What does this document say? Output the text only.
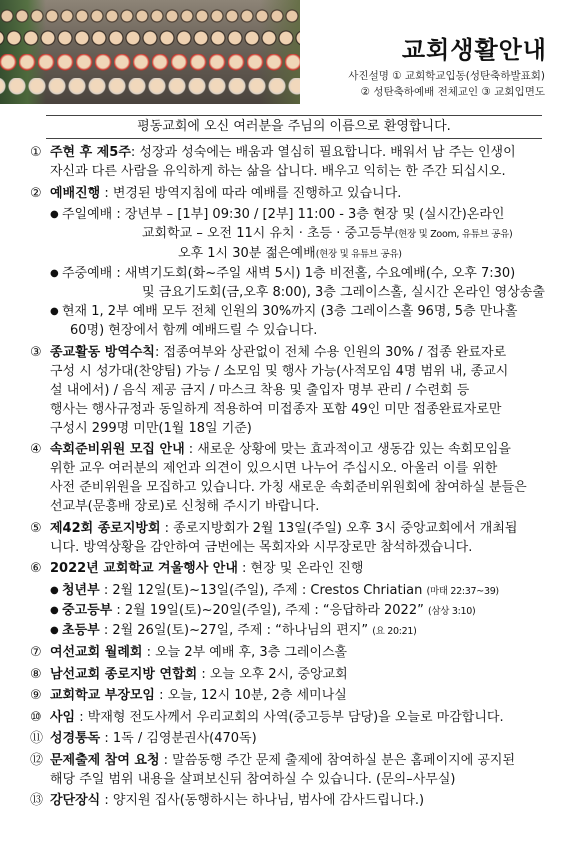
교회생활안내
사진설명 ① 교회학교입동(성탄축하발표회)
② 성탄축하예배 전체교인 ③ 교회입면도
평동교회에 오신 여러분을 주님의 이름으로 환영합니다.
① 주현 후 제5주: 성장과 성숙에는 배움과 열심히 필요합니다. 배워서 남 주는 인생이
자신과 다른 사람을 유익하게 하는 삶을 삽니다. 배우고 익히는 한 주간 되십시오.
② 예배진행 : 변경된 방역지침에 따라 예배를 진행하고 있습니다.
● 주일예배 : 장년부 – [1부] 09:30 / [2부] 11:00 - 3층 현장 및 (실시간)온라인
교회학교 – 오전 11시 유치 · 초등 · 중고등부(현장 및 Zoom, 유튜브 공유)
오후 1시 30분 젊은예배(현장 및 유튜브 공유)
● 주중예배 : 새벽기도회(화~주일 새벽 5시) 1층 비전홀, 수요예배(수, 오후 7:30)
및 금요기도회(금,오후 8:00), 3층 그레이스홀, 실시간 온라인 영상송출
● 현재 1, 2부 예배 모두 전체 인원의 30%까지 (3층 그레이스홀 96명, 5층 만나홀
60명) 현장에서 함께 예배드릴 수 있습니다.
③ 종교활동 방역수칙: 접종여부와 상관없이 전체 수용 인원의 30% / 접종 완료자로
구성 시 성가대(찬양팀) 가능 / 소모임 및 행사 가능(사적모임 4명 범위 내, 종교시
설 내에서) / 음식 제공 금지 / 마스크 착용 및 출입자 명부 관리 / 수련회 등
행사는 행사규정과 동일하게 적용하여 미접종자 포함 49인 미만 접종완료자로만
구성시 299명 미만(1월 18일 기준)
④ 속회준비위원 모집 안내 : 새로운 상황에 맞는 효과적이고 생동감 있는 속회모임을
위한 교우 여러분의 제언과 의견이 있으시면 나누어 주십시오. 아울러 이를 위한
사전 준비위원을 모집하고 있습니다. 가칭 새로운 속회준비위원회에 참여하실 분들은
선교부(문흥배 장로)로 신청해 주시기 바랍니다.
⑤ 제42회 종로지방회 : 종로지방회가 2월 13일(주일) 오후 3시 중앙교회에서 개최됩
니다. 방역상황을 감안하여 금번에는 목회자와 시무장로만 참석하겠습니다.
⑥ 2022년 교회학교 겨울행사 안내 : 현장 및 온라인 진행
● 청년부 : 2월 12일(토)~13일(주일), 주제 : Crestos Chriatian (마태 22:37~39)
● 중고등부 : 2월 19일(토)~20일(주일), 주제 : “응답하라 2022” (삼상 3:10)
● 초등부 : 2월 26일(토)~27일, 주제 : “하나님의 편지” (요 20:21)
⑦ 여선교회 월례회 : 오늘 2부 예배 후, 3층 그레이스홀
⑧ 남선교회 종로지방 연합회 : 오늘 오후 2시, 중앙교회
⑨ 교회학교 부장모임 : 오늘, 12시 10분, 2층 세미나실
⑩ 사임 : 박재형 전도사께서 우리교회의 사역(중고등부 담당)을 오늘로 마감합니다.
⑪ 성경통독 : 1독 / 김영분권사(470독)
⑫ 문제출제 참여 요청 : 말씀동행 주간 문제 출제에 참여하실 분은 홈페이지에 공지된
해당 주일 범위 내용을 살펴보신뒤 참여하실 수 있습니다. (문의–사무실)
⑬ 강단장식 : 양지원 집사(동행하시는 하나님, 범사에 감사드립니다.)
